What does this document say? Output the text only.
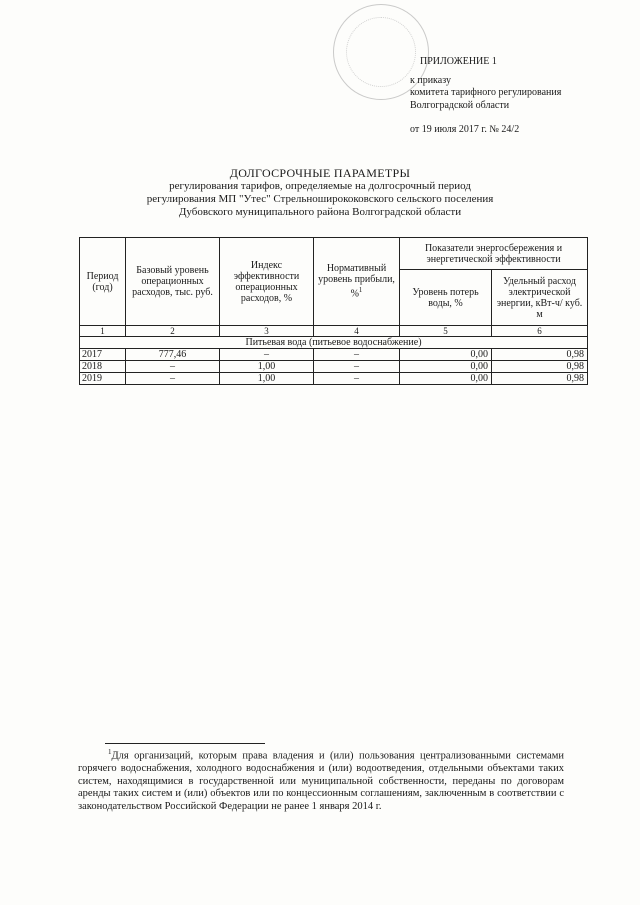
ПРИЛОЖЕНИЕ 1
к приказу
комитета тарифного регулирования
Волгоградской области
от 19 июля 2017 г. № 24/2
ДОЛГОСРОЧНЫЕ ПАРАМЕТРЫ
регулирования тарифов, определяемые на долгосрочный период
регулирования МП "Утес" Стрельноширококовского сельского поселения
Дубовского муниципального района Волгоградской области
Период (год)	Базовый уровень операционных расходов, тыс. руб.	Индекс эффективности операционных расходов, %	Нормативный уровень прибыли, %$^1$	Показатели энергосбережения и энергетической эффективности	
				Уровень потерь воды, %	Удельный расход электрической энергии, кВт-ч/ куб. м
1	2	3	4	5	6
Питьевая вода (питьевое водоснабжение)					
2017	777,46	–	–	0,00	0,98
2018	–	1,00	–	0,00	0,98
2019	–	1,00	–	0,00	0,98
$^1$Для организаций, которым права владения и (или) пользования централизованными системами горячего водоснабжения, холодного водоснабжения и (или) водоотведения, отдельными объектами таких систем, находящимися в государственной или муниципальной собственности, переданы по договорам аренды таких систем и (или) объектов или по концессионным соглашениям, заключенным в соответствии с законодательством Российской Федерации не ранее 1 января 2014 г.
